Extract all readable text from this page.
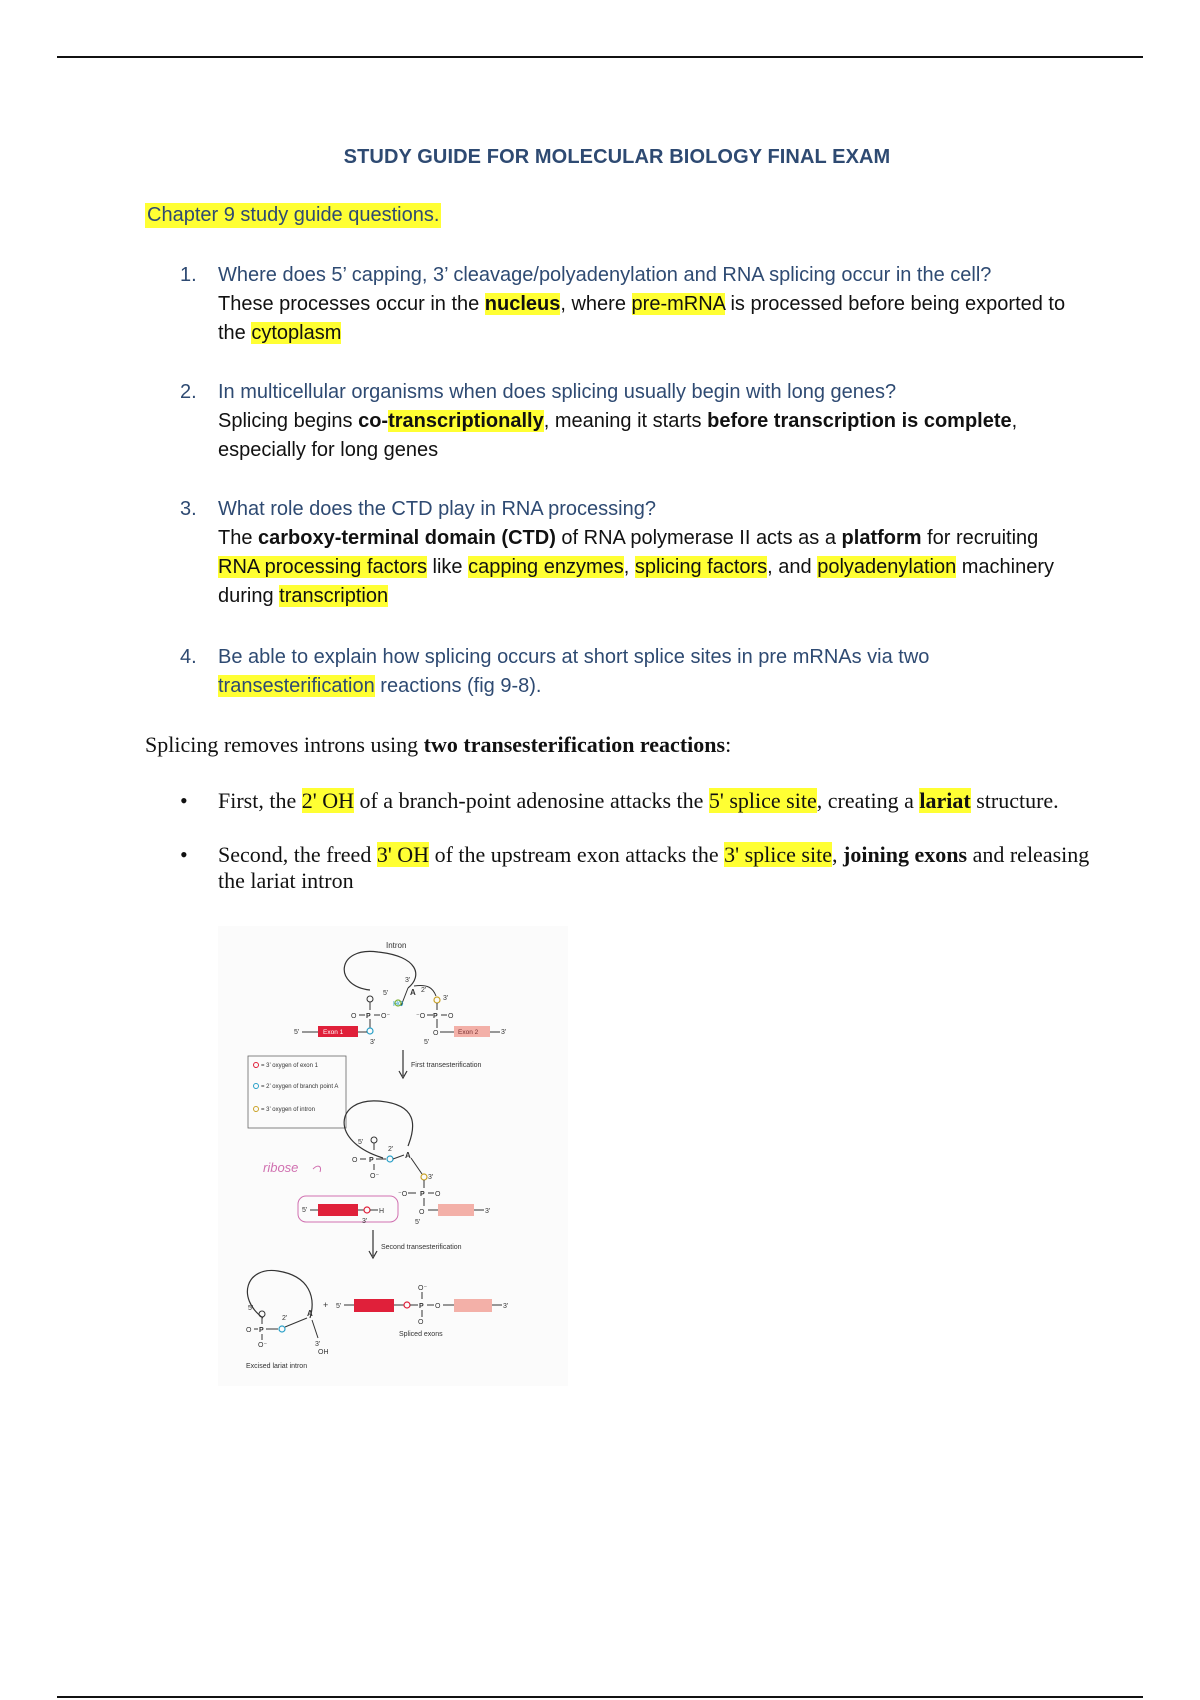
STUDY GUIDE FOR MOLECULAR BIOLOGY FINAL EXAM
Chapter 9 study guide questions.
1. Where does 5’ capping, 3’ cleavage/polyadenylation and RNA splicing occur in the cell?
These processes occur in the nucleus, where pre-mRNA is processed before being exported to the cytoplasm
2. In multicellular organisms when does splicing usually begin with long genes?
Splicing begins co-transcriptionally, meaning it starts before transcription is complete, especially for long genes
3. What role does the CTD play in RNA processing?
The carboxy-terminal domain (CTD) of RNA polymerase II acts as a platform for recruiting RNA processing factors like capping enzymes, splicing factors, and polyadenylation machinery during transcription
4. Be able to explain how splicing occurs at short splice sites in pre mRNAs via two transesterification reactions (fig 9-8).
Splicing removes introns using two transesterification reactions:
• First, the 2' OH of a branch-point adenosine attacks the 5' splice site, creating a lariat structure.
• Second, the freed 3' OH of the upstream exon attacks the 3' splice site, joining exons and releasing the lariat intron
Intron
3’
5’	A 2’
HO
O P O⁻
3’
3’
⁻O P O
O
5’
5’	Exon 1	Exon 2	3’
= 3’ oxygen of exon 1
= 2’ oxygen of branch point A
= 3’ oxygen of intron
First transesterification
5’
2’
A
O P
O⁻	3’
⁻O P O
O
5’
ribose
5’	H
3’
3’
Second transesterification
5’
2’
A
O P
O⁻	3’
OH
Excised lariat intron
+ 5’	P
O⁻
O
O	3’
Spliced exons
